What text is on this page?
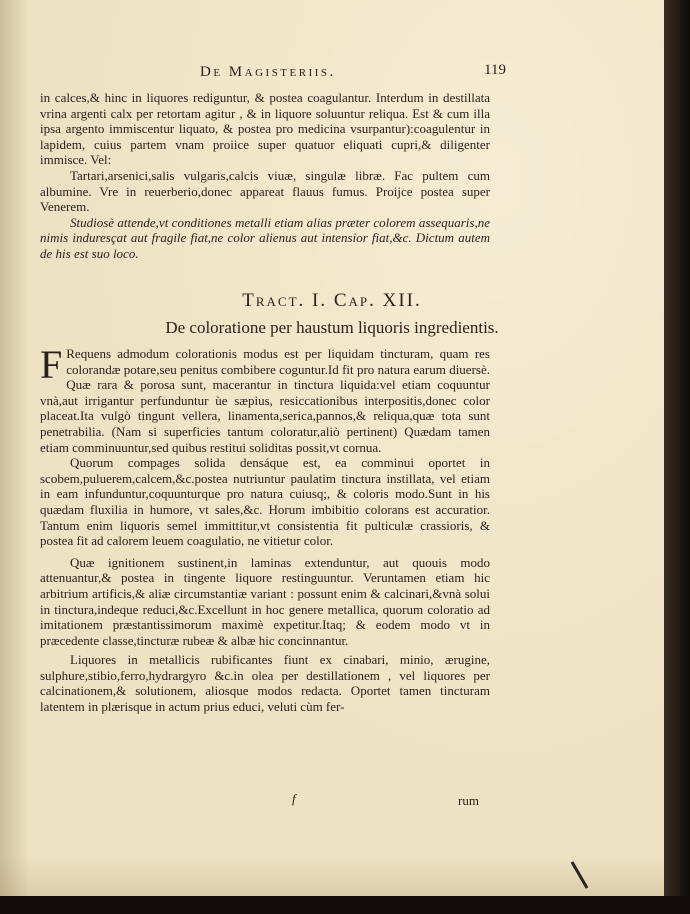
De Magisteriis.	119

in calces,& hinc in liquores rediguntur, & postea coagulantur. Interdum in destillata vrina argenti calx per retortam agitur , & in liquore soluuntur reliqua. Est & cum illa ipsa argento immiscentur liquato, & postea pro medicina vsurpantur):coagulentur in lapidem, cuius partem vnam proiice super quatuor eliquati cupri,& diligenter immisce. Vel:

Tartari,arsenici,salis vulgaris,calcis viuæ, singulæ libræ. Fac pultem cum albumine. Vre in reuerberio,donec appareat flauus fumus. Proijce postea super Venerem.

Studiosè attende,vt conditiones metalli etiam alias præter colorem assequaris,ne nimis induresçat aut fragile fiat,ne color alienus aut intensior fiat,&c. Dictum autem de his est suo loco.

Tract. I. Cap. XII.
De coloratione per haustum liquoris ingredientis.

F Requens admodum colorationis modus est per liquidam tincturam, quam res colorandæ potare,seu penitus combibere coguntur.Id fit pro natura earum diuersè. Quæ rara & porosa sunt, macerantur in tinctura liquida:vel etiam coquuntur vnà,aut irrigantur perfunduntur ùe sæpius, resiccationibus interpositis,donec color placeat.Ita vulgò tingunt vellera, linamenta,serica,pannos,& reliqua,quæ tota sunt penetrabilia. (Nam si superficies tantum coloratur,aliò pertinent) Quædam tamen etiam comminuuntur,sed quibus restitui soliditas possit,vt cornua.

Quorum compages solida densáque est, ea comminui oportet in scobem,puluerem,calcem,&c.postea nutriuntur paulatim tinctura instillata, vel etiam in eam infunduntur,coquunturque pro natura cuiusq;, & coloris modo.Sunt in his quædam fluxilia in humore, vt sales,&c. Horum imbibitio colorans est accuratior. Tantum enim liquoris semel immittitur,vt consistentia fit pulticulæ crassioris, & postea fit ad calorem leuem coagulatio, ne vitietur color.

Quæ ignitionem sustinent,in laminas extenduntur, aut quouis modo attenuantur,& postea in tingente liquore restinguuntur. Veruntamen etiam hic arbitrium artificis,& aliæ circumstantiæ variant : possunt enim & calcinari,&vnà solui in tinctura,indeque reduci,&c.Excellunt in hoc genere metallica, quorum coloratio ad imitationem præstantissimorum maximè expetitur.Itaq; & eodem modo vt in præcedente classe,tincturæ rubeæ & albæ hic concinnantur.

Liquores in metallicis rubificantes fiunt ex cinabari, minio, ærugine, sulphure,stibio,ferro,hydrargyro &c.in olea per destillationem , vel liquores per calcinationem,& solutionem, aliosque modos redacta. Oportet tamen tincturam latentem in plærisque in actum prius educi, veluti cùm fer-

f	rum
